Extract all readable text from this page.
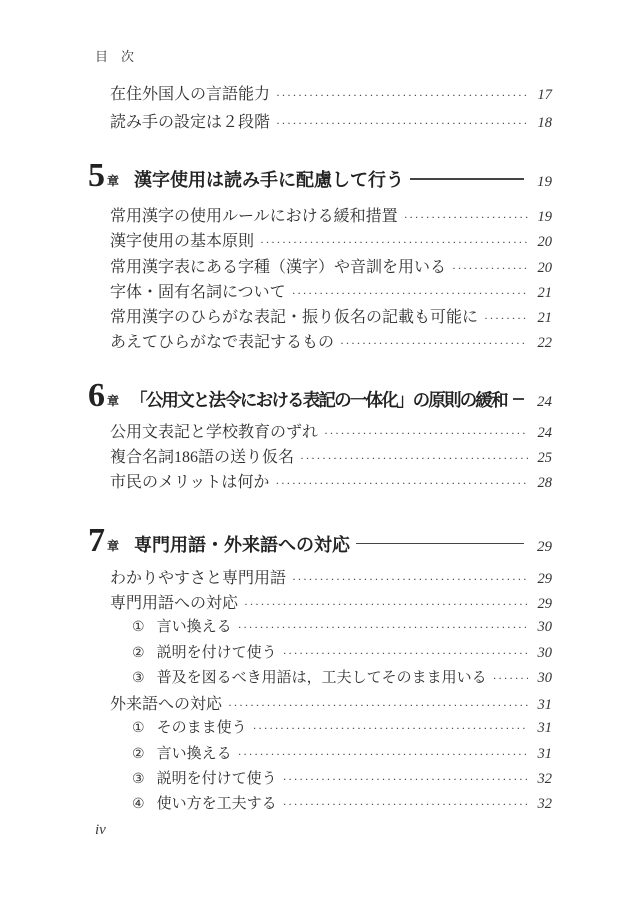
目　次
在住外国人の言語能力 ·····	17
読み手の設定は２段階 ·····	18
5 章 漢字使用は読み手に配慮して行う	19
常用漢字の使用ルールにおける緩和措置 ·····	19
漢字使用の基本原則 ·····	20
常用漢字表にある字種（漢字）や音訓を用いる ·····	20
字体・固有名詞について ·····	21
常用漢字のひらがな表記・振り仮名の記載も可能に ·····	21
あえてひらがなで表記するもの ·····	22
6 章 「公用文と法令における表記の一体化」の原則の緩和	24
公用文表記と学校教育のずれ ·····	24
複合名詞186語の送り仮名 ·····	25
市民のメリットは何か ·····	28
7 章 専門用語・外来語への対応	29
わかりやすさと専門用語 ·····	29
専門用語への対応 ·····	29
① 言い換える ·····	30
② 説明を付けて使う ·····	30
③ 普及を図るべき用語は，工夫してそのまま用いる ·····	30
外来語への対応 ·····	31
① そのまま使う ·····	31
② 言い換える ·····	31
③ 説明を付けて使う ·····	32
④ 使い方を工夫する ·····	32
iv
